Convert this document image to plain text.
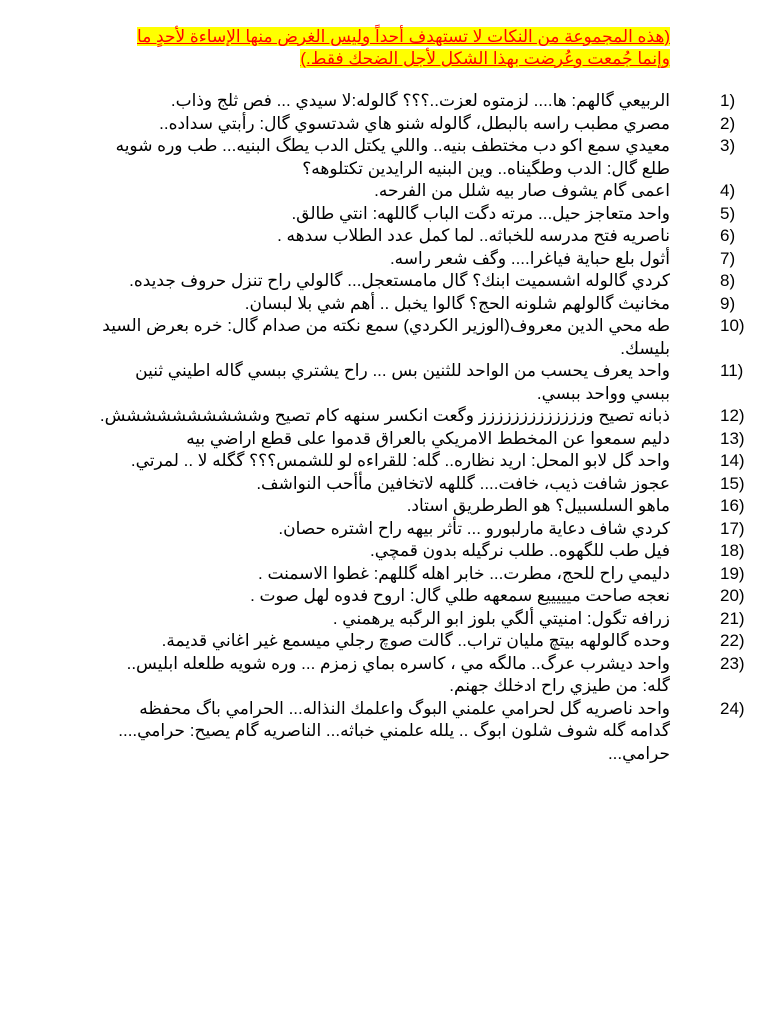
(هذه المجموعة من النكات لا تستهدف أحداً وليس الغرض منها الإساءة لأحدٍ ما
وإنما جُمعت وعُرضت بهذا الشكل لأجل الضحك فقط.)
1)
الربيعي گالهم: ها.... لزمتوه لعزت..؟؟؟ گالوله:لا سيدي ... فص ثلج وذاب.
2)
مصري مطبب راسه بالبطل، گالوله شنو هاي شدتسوي گال: رأبتي سداده..
3)
معيدي سمع اكو دب مختطف بنيه.. واللي يكتل الدب يطگ البنيه... طب وره شويه طلع گال: الدب وطگيناه.. وين البنيه الرايدين تكتلوهه؟
4)
اعمى گام يشوف صار بيه شلل من الفرحه.
5)
واحد متعاجز حيل... مرته دگت الباب گاللهه: انتي طالق.
6)
ناصريه فتح مدرسه للخباثه.. لما كمل عدد الطلاب سدهه .
7)
أثول بلع حباية فياغرا.... وگف شعر راسه.
8)
كردي گالوله اشسميت ابنك؟ گال مامستعجل... گالولي راح تنزل حروف جديده.
9)
مخانيث گالولهم شلونه الحج؟ گالوا يخبل .. أهم شي بلا لبسان.
10)
طه محي الدين معروف(الوزير الكردي) سمع نكته من صدام گال: خره بعرض السيد بليسك.
11)
واحد يعرف يحسب من الواحد للثنين بس ... راح يشتري ببسي گاله اطيني ثنين ببسي وواحد ببسي.
12)
ذبانه تصيح وززززززززززززز وگعت انكسر سنهه كام تصيح وشششششششششش.
13)
دليم سمعوا عن المخطط الامريكي بالعراق قدموا على قطع اراضي بيه
14)
واحد گل لابو المحل: اريد نظاره.. گله: للقراءه لو للشمس؟؟؟ گگله لا .. لمرتي.
15)
عجوز شافت ذيب، خافت.... گللهه لاتخافين مأأحب النواشف.
16)
ماهو السلسبيل؟ هو الطرطريق استاد.
17)
كردي شاف دعاية مارلبورو ... تأثر بيهه راح اشتره حصان.
18)
فيل طب للگهوه.. طلب نرگيله بدون قمچي.
19)
دليمي راح للحج، مطرت... خابر اهله گللهم: غطوا الاسمنت .
20)
نعجه صاحت ميييييع سمعهه طلي گال: اروح فدوه لهل صوت .
21)
زرافه تگول: امنيتي ألگي بلوز ابو الرگبه يرهمني .
22)
وحده گالولهه بيتچ مليان تراب.. گالت صوچ رجلي ميسمع غير اغاني قديمة.
23)
واحد ديشرب عرگ.. مالگه مي ، كاسره بماي زمزم ... وره شويه طلعله ابليس.. گله: من طيزي راح ادخلك جهنم.
24)
واحد ناصريه گل لحرامي علمني البوگ واعلمك النذاله... الحرامي باگ محفظه گدامه گله شوف شلون ابوگ .. يلله علمني خباثه... الناصريه گام يصيح: حرامي.... حرامي...
